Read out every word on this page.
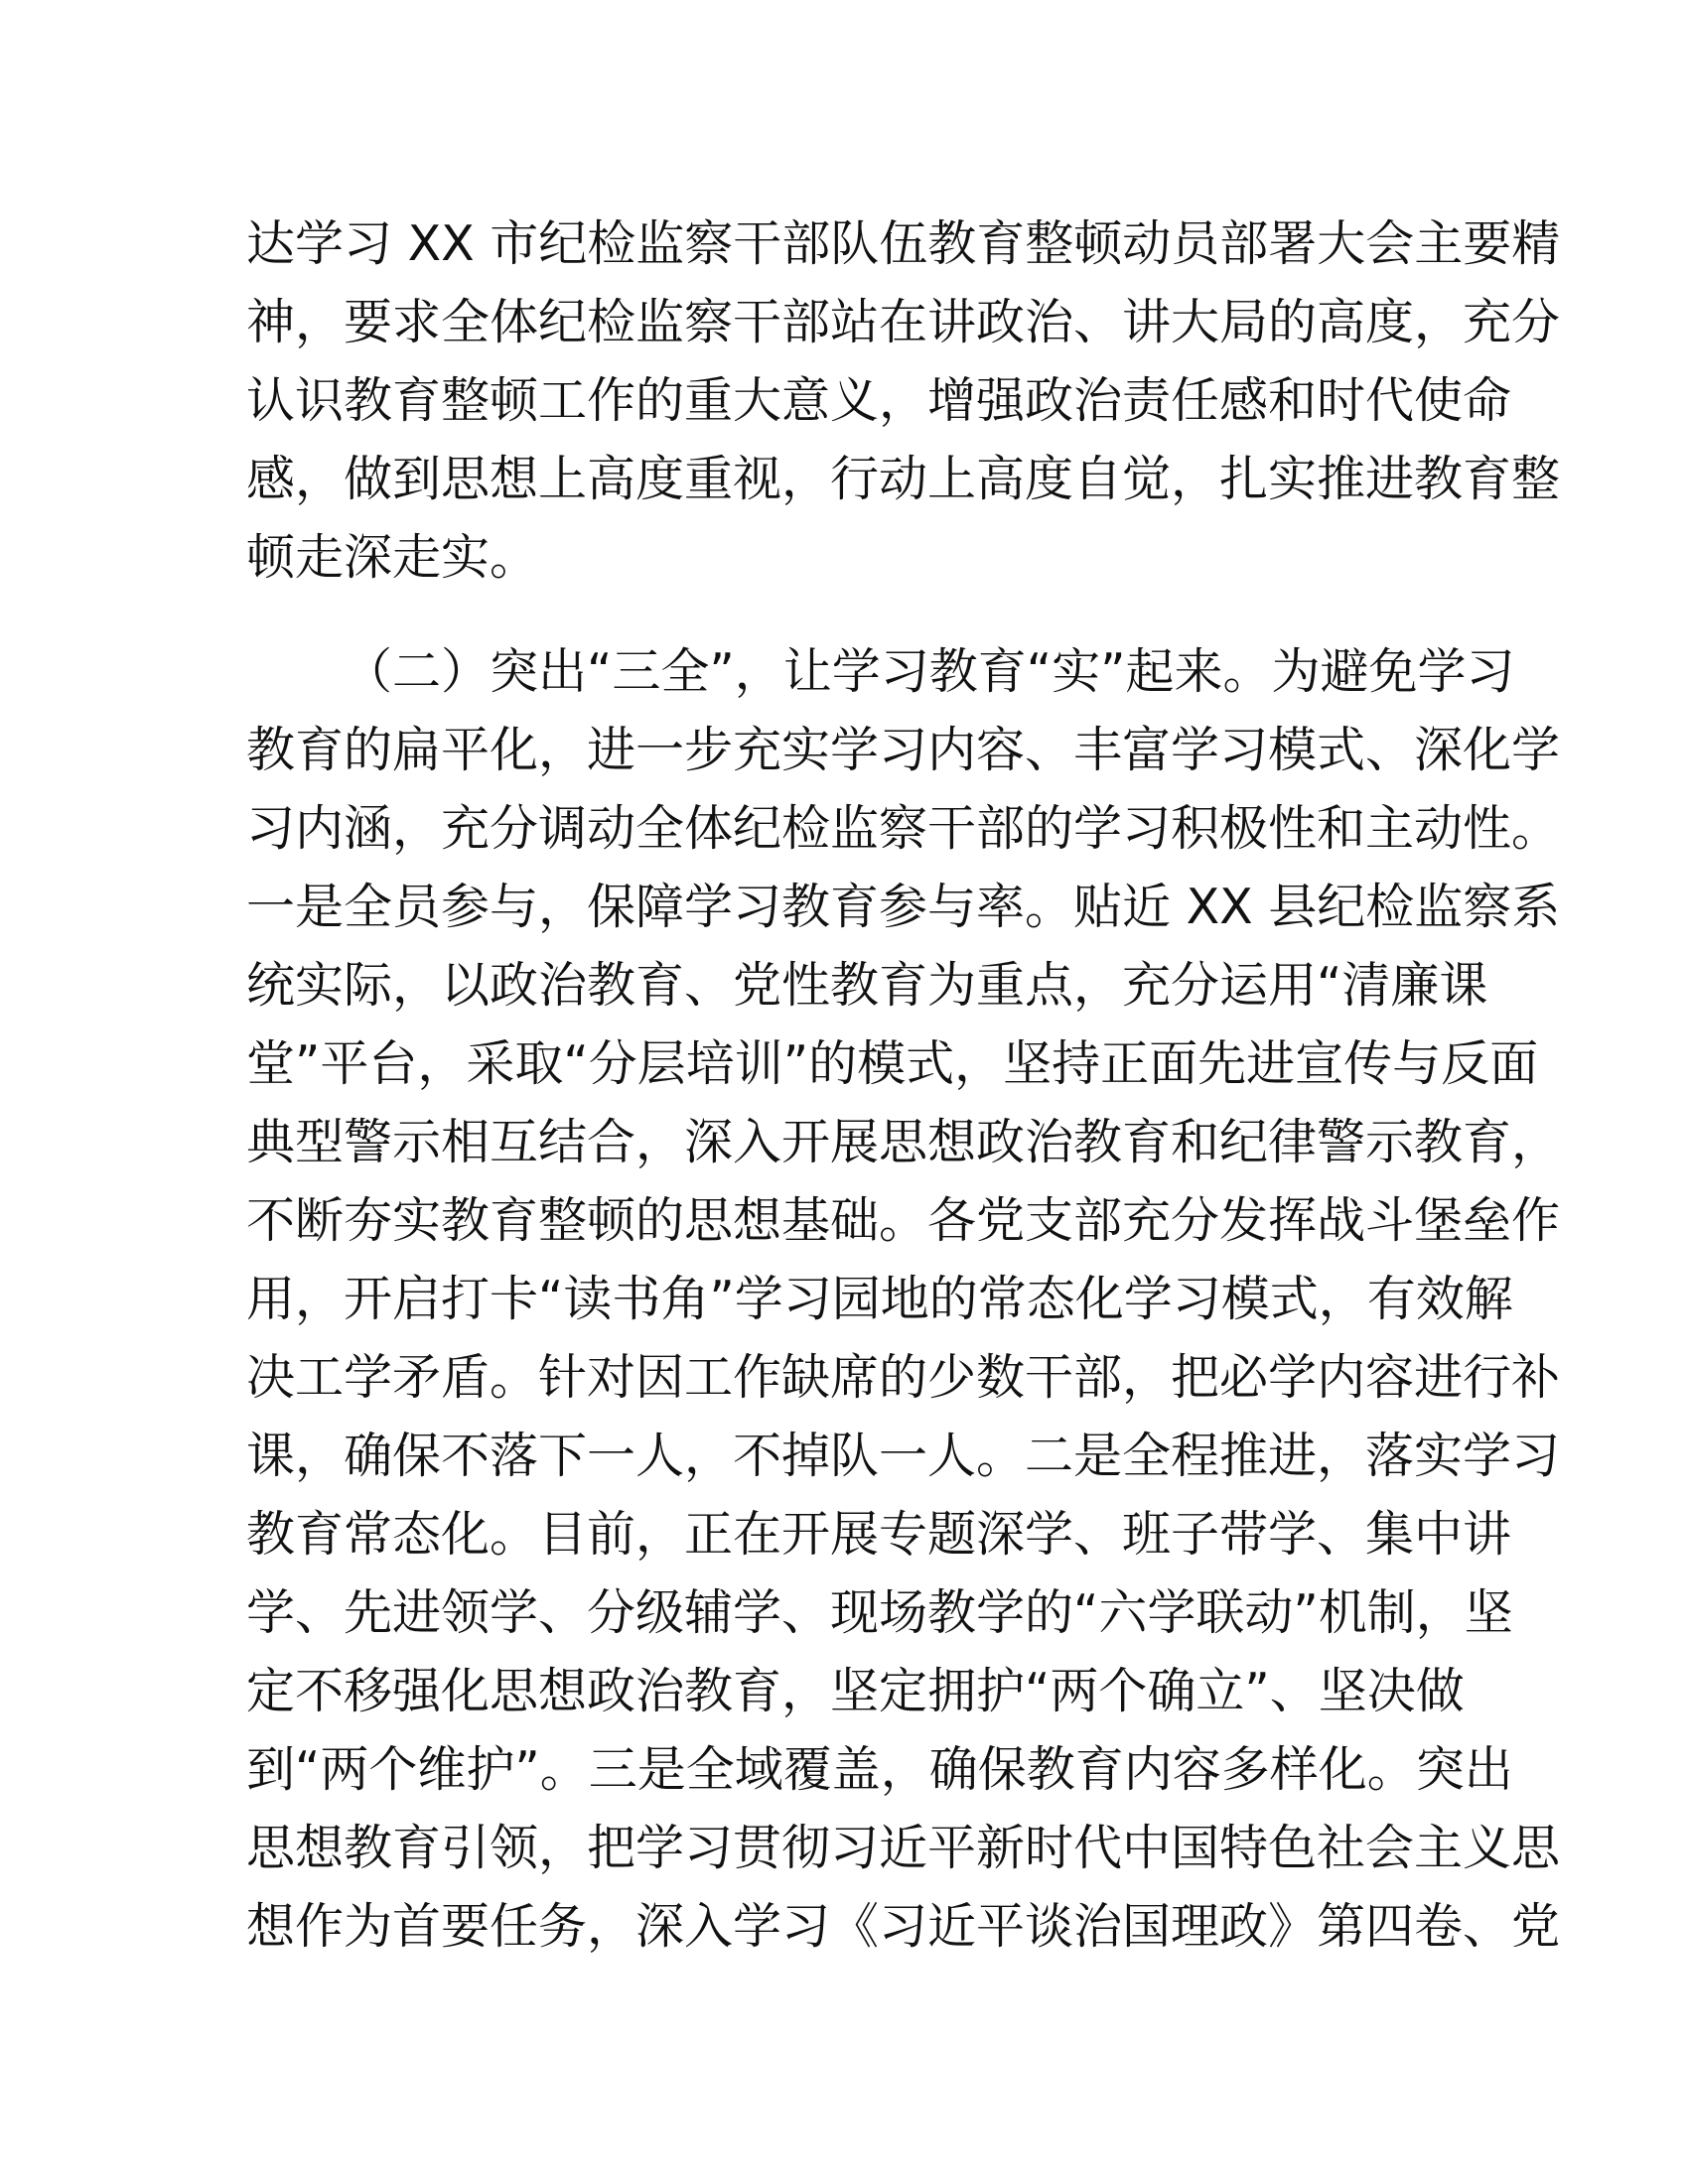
达学习 XX 市纪检监察干部队伍教育整顿动员部署大会主要精
神，要求全体纪检监察干部站在讲政治、讲大局的高度，充分
认识教育整顿工作的重大意义，增强政治责任感和时代使命
感，做到思想上高度重视，行动上高度自觉，扎实推进教育整
顿走深走实。
（二）突出“三全”，让学习教育“实”起来。为避免学习
教育的扁平化，进一步充实学习内容、丰富学习模式、深化学
习内涵，充分调动全体纪检监察干部的学习积极性和主动性。
一是全员参与，保障学习教育参与率。贴近 XX 县纪检监察系
统实际，以政治教育、党性教育为重点，充分运用“清廉课
堂”平台，采取“分层培训”的模式，坚持正面先进宣传与反面
典型警示相互结合，深入开展思想政治教育和纪律警示教育，
不断夯实教育整顿的思想基础。各党支部充分发挥战斗堡垒作
用，开启打卡“读书角”学习园地的常态化学习模式，有效解
决工学矛盾。针对因工作缺席的少数干部，把必学内容进行补
课，确保不落下一人，不掉队一人。二是全程推进，落实学习
教育常态化。目前，正在开展专题深学、班子带学、集中讲
学、先进领学、分级辅学、现场教学的“六学联动”机制，坚
定不移强化思想政治教育，坚定拥护“两个确立”、坚决做
到“两个维护”。三是全域覆盖，确保教育内容多样化。突出
思想教育引领，把学习贯彻习近平新时代中国特色社会主义思
想作为首要任务，深入学习《习近平谈治国理政》第四卷、党
